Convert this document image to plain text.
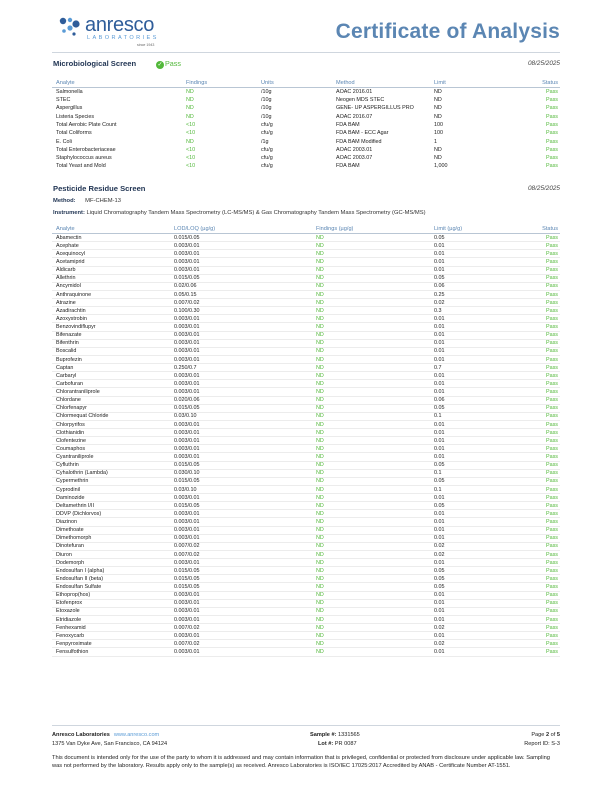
anresco
LABORATORIES
since 1943
Certificate of Analysis
Microbiological Screen	✓ Pass	08/25/2025
Analyte	Findings	Units	Method	Limit	Status
Salmonella	ND	/10g	AOAC 2016.01	ND	Pass
STEC	ND	/10g	Neogen MDS STEC	ND	Pass
Aspergillus	ND	/10g	GENE- UP ASPERGILLUS PRO	ND	Pass
Listeria Species	ND	/10g	AOAC 2016.07	ND	Pass
Total Aerobic Plate Count	<10	cfu/g	FDA BAM	100	Pass
Total Coliforms	<10	cfu/g	FDA BAM - ECC Agar	100	Pass
E. Coli	ND	/1g	FDA BAM Modified	1	Pass
Total Enterobacteriaceae	<10	cfu/g	AOAC 2003.01	ND	Pass
Staphylococcus aureus	<10	cfu/g	AOAC 2003.07	ND	Pass
Total Yeast and Mold	<10	cfu/g	FDA BAM	1,000	Pass
Pesticide Residue Screen	08/25/2025
Method: MF-CHEM-13
Instrument: Liquid Chromatography Tandem Mass Spectrometry (LC-MS/MS) & Gas Chromatography Tandem Mass Spectrometry (GC-MS/MS)
Analyte	LOD/LOQ (µg/g)	Findings (µg/g)	Limit (µg/g)	Status
Abamectin	0.015/0.05	ND	0.05	Pass
Acephate	0.003/0.01	ND	0.01	Pass
Acequinocyl	0.003/0.01	ND	0.01	Pass
Acetamiprid	0.003/0.01	ND	0.01	Pass
Aldicarb	0.003/0.01	ND	0.01	Pass
Allethrin	0.015/0.05	ND	0.05	Pass
Ancymidol	0.02/0.06	ND	0.06	Pass
Anthraquinone	0.05/0.15	ND	0.25	Pass
Atrazine	0.007/0.02	ND	0.02	Pass
Azadirachtin	0.100/0.30	ND	0.3	Pass
Azoxystrobin	0.003/0.01	ND	0.01	Pass
Benzovindiflupyr	0.003/0.01	ND	0.01	Pass
Bifenazate	0.003/0.01	ND	0.01	Pass
Bifenthrin	0.003/0.01	ND	0.01	Pass
Boscalid	0.003/0.01	ND	0.01	Pass
Buprofezin	0.003/0.01	ND	0.01	Pass
Captan	0.250/0.7	ND	0.7	Pass
Carbaryl	0.003/0.01	ND	0.01	Pass
Carbofuran	0.003/0.01	ND	0.01	Pass
Chlorantraniliprole	0.003/0.01	ND	0.01	Pass
Chlordane	0.020/0.06	ND	0.06	Pass
Chlorfenapyr	0.015/0.05	ND	0.05	Pass
Chlormequat Chloride	0.03/0.10	ND	0.1	Pass
Chlorpyrifos	0.003/0.01	ND	0.01	Pass
Clothianidin	0.003/0.01	ND	0.01	Pass
Clofentezine	0.003/0.01	ND	0.01	Pass
Coumaphos	0.003/0.01	ND	0.01	Pass
Cyantraniliprole	0.003/0.01	ND	0.01	Pass
Cyfluthrin	0.015/0.05	ND	0.05	Pass
Cyhalothrin (Lambda)	0.030/0.10	ND	0.1	Pass
Cypermethrin	0.015/0.05	ND	0.05	Pass
Cyprodinil	0.03/0.10	ND	0.1	Pass
Daminozide	0.003/0.01	ND	0.01	Pass
Deltamethrin I/II	0.015/0.05	ND	0.05	Pass
DDVP (Dichlorvos)	0.003/0.01	ND	0.01	Pass
Diazinon	0.003/0.01	ND	0.01	Pass
Dimethoate	0.003/0.01	ND	0.01	Pass
Dimethomorph	0.003/0.01	ND	0.01	Pass
Dinotefuran	0.007/0.02	ND	0.02	Pass
Diuron	0.007/0.02	ND	0.02	Pass
Dodemorph	0.003/0.01	ND	0.01	Pass
Endosulfan I (alpha)	0.015/0.05	ND	0.05	Pass
Endosulfan II (beta)	0.015/0.05	ND	0.05	Pass
Endosulfan Sulfate	0.015/0.05	ND	0.05	Pass
Ethoprop(hos)	0.003/0.01	ND	0.01	Pass
Etofenprox	0.003/0.01	ND	0.01	Pass
Etoxazole	0.003/0.01	ND	0.01	Pass
Etridiazole	0.003/0.01	ND	0.01	Pass
Fenhexamid	0.007/0.02	ND	0.02	Pass
Fenoxycarb	0.003/0.01	ND	0.01	Pass
Fenpyroximate	0.007/0.02	ND	0.02	Pass
Fensulfothion	0.003/0.01	ND	0.01	Pass
Anresco Laboratories www.anresco.com
1375 Van Dyke Ave, San Francisco, CA 94124
Sample #: 1331565
Lot #: PR 0087
Page 2 of 5
Report ID: S-3
This document is intended only for the use of the party to whom it is addressed and may contain information that is privileged, confidential or protected from disclosure under applicable law. Sampling was not performed by the laboratory. Results apply only to the sample(s) as received. Anresco Laboratories is ISO/IEC 17025:2017 Accredited by ANAB - Certificate Number AT-1551.
